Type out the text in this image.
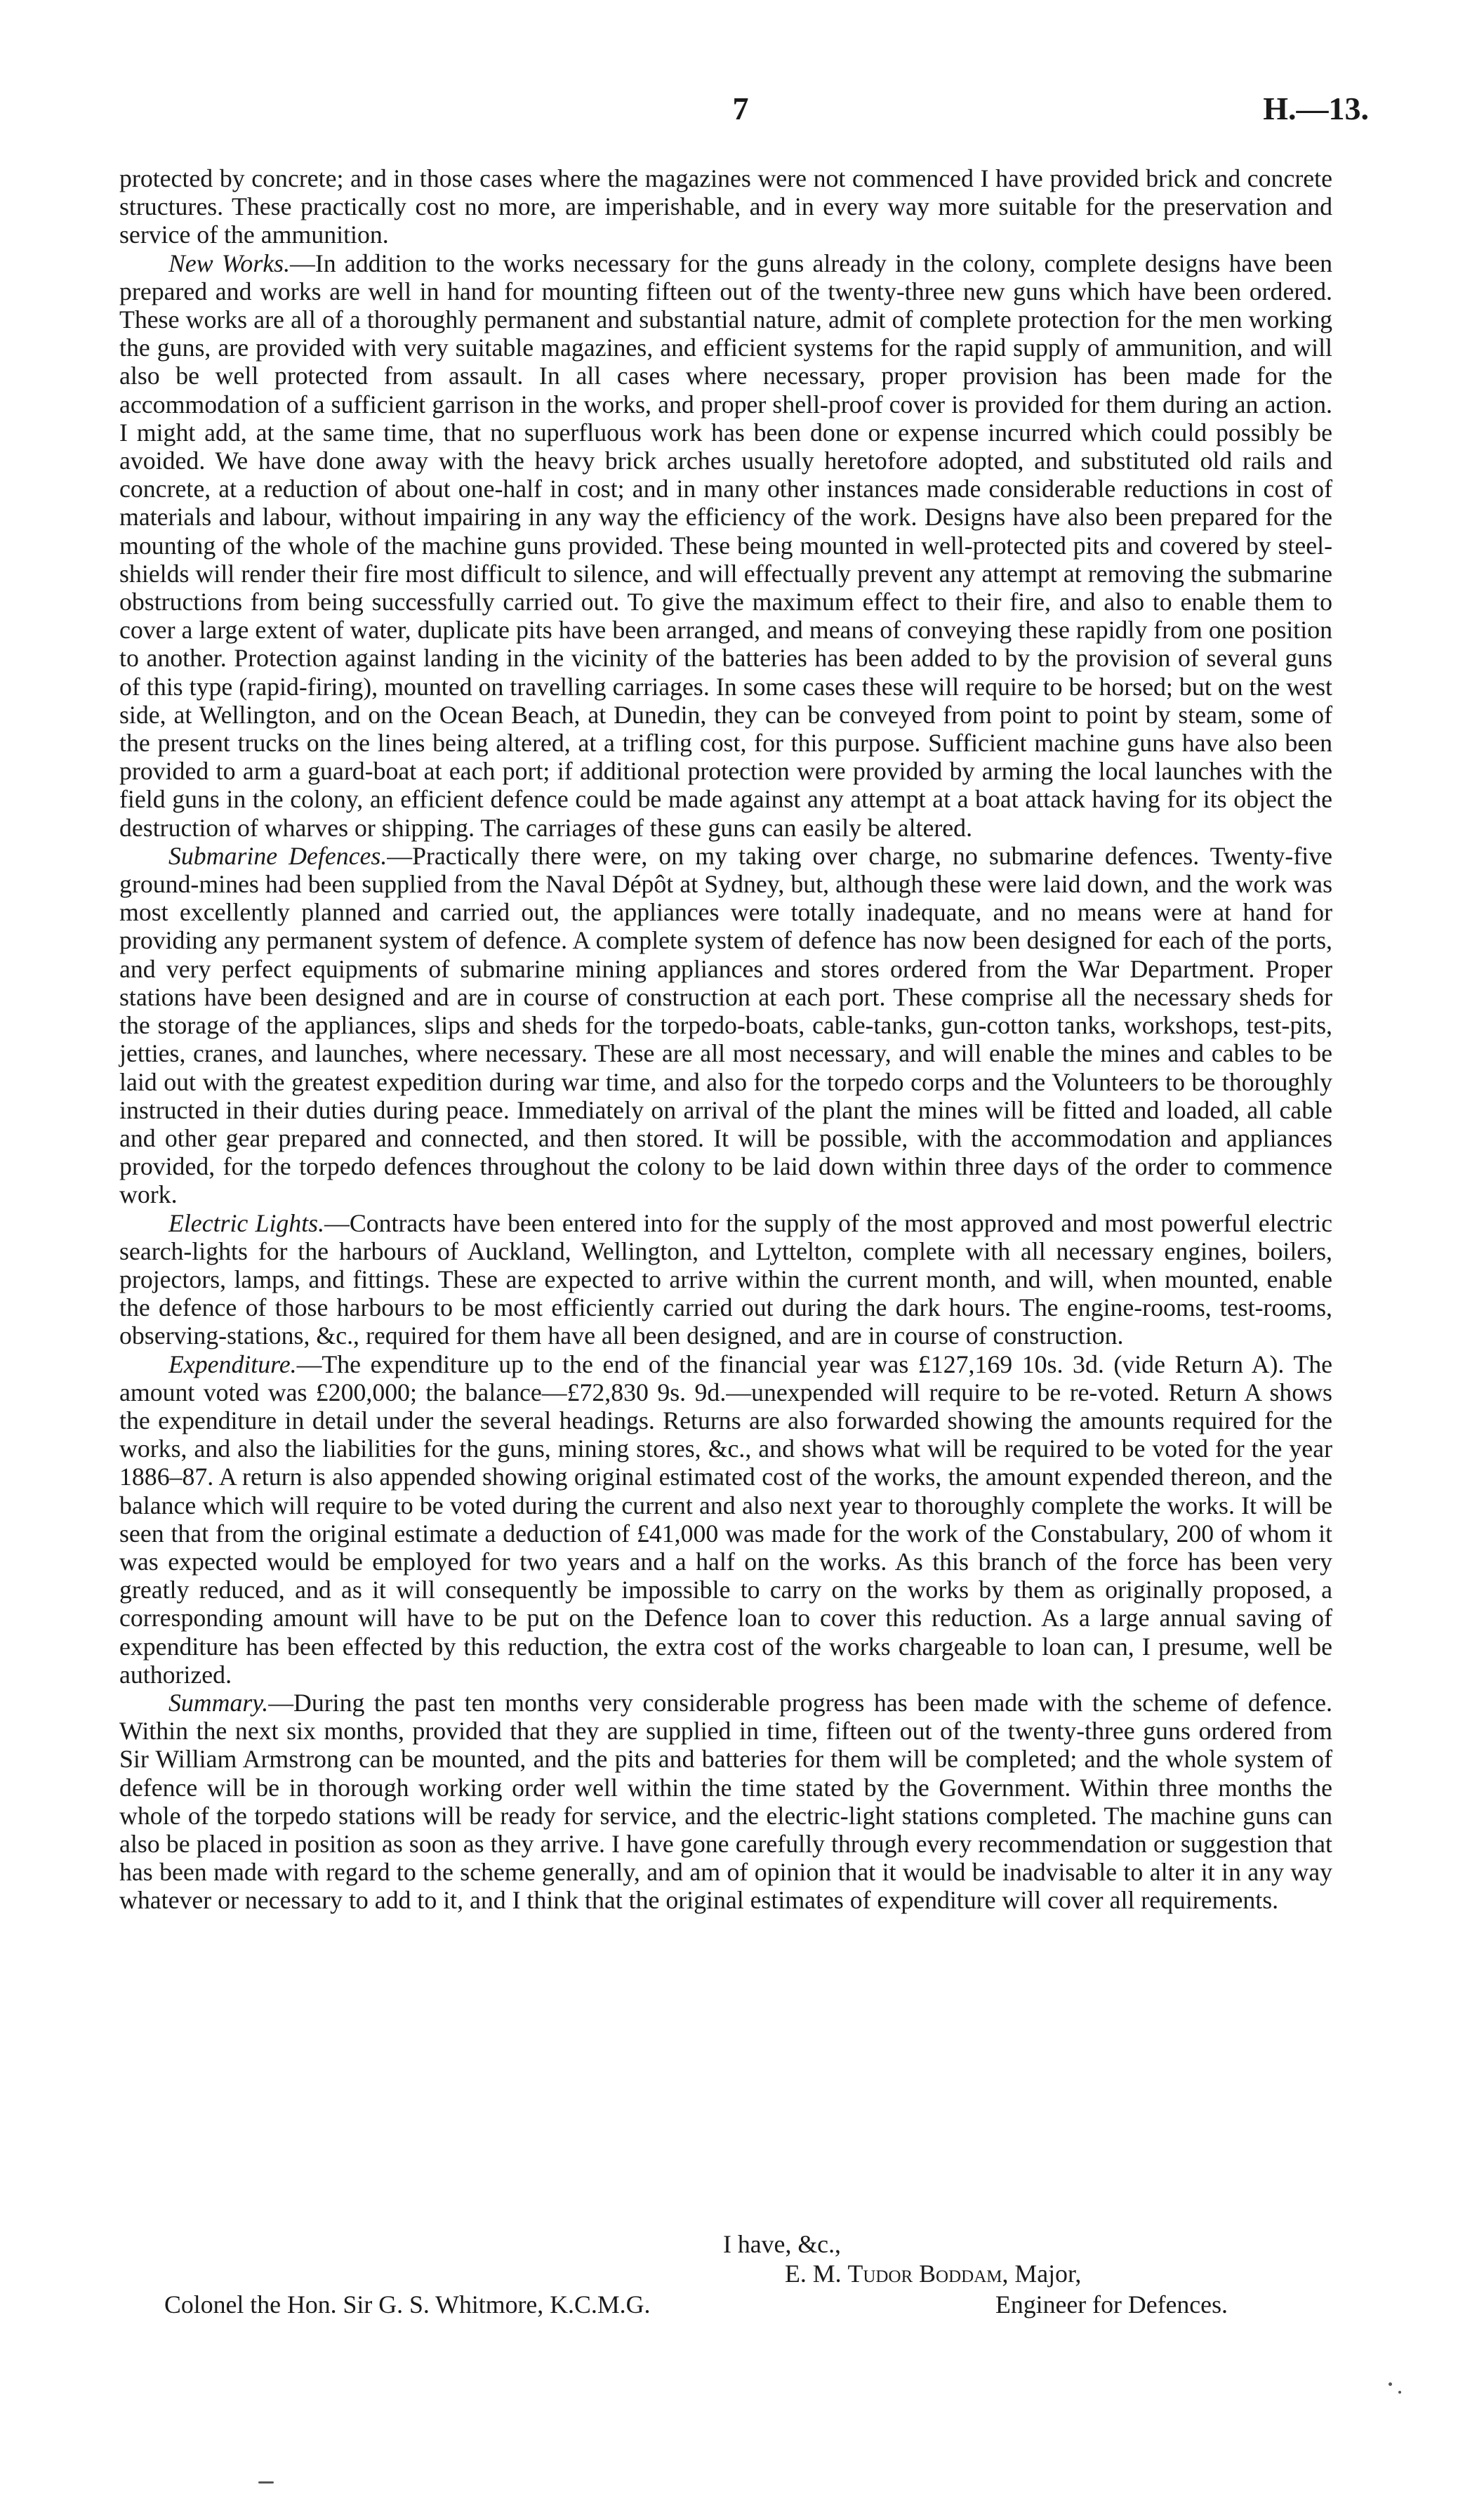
7	H.—13.

protected by concrete; and in those cases where the magazines were not commenced I have provided brick and concrete structures. These practically cost no more, are imperishable, and in every way more suitable for the preservation and service of the ammunition.

New Works.—In addition to the works necessary for the guns already in the colony, complete designs have been prepared and works are well in hand for mounting fifteen out of the twenty-three new guns which have been ordered. These works are all of a thoroughly permanent and substantial nature, admit of complete protection for the men working the guns, are provided with very suitable magazines, and efficient systems for the rapid supply of ammunition, and will also be well protected from assault. In all cases where necessary, proper provision has been made for the accommodation of a sufficient garrison in the works, and proper shell-proof cover is provided for them during an action. I might add, at the same time, that no superfluous work has been done or expense incurred which could possibly be avoided. We have done away with the heavy brick arches usually heretofore adopted, and substituted old rails and concrete, at a reduction of about one-half in cost; and in many other instances made considerable reductions in cost of materials and labour, without impairing in any way the efficiency of the work. Designs have also been prepared for the mounting of the whole of the machine guns provided. These being mounted in well-protected pits and covered by steel-shields will render their fire most difficult to silence, and will effectually prevent any attempt at removing the submarine obstructions from being successfully carried out. To give the maximum effect to their fire, and also to enable them to cover a large extent of water, duplicate pits have been arranged, and means of conveying these rapidly from one position to another. Protection against landing in the vicinity of the batteries has been added to by the provision of several guns of this type (rapid-firing), mounted on travelling carriages. In some cases these will require to be horsed; but on the west side, at Wellington, and on the Ocean Beach, at Dunedin, they can be conveyed from point to point by steam, some of the present trucks on the lines being altered, at a trifling cost, for this purpose. Sufficient machine guns have also been provided to arm a guard-boat at each port; if additional protection were provided by arming the local launches with the field guns in the colony, an efficient defence could be made against any attempt at a boat attack having for its object the destruction of wharves or shipping. The carriages of these guns can easily be altered.

Submarine Defences.—Practically there were, on my taking over charge, no submarine defences. Twenty-five ground-mines had been supplied from the Naval Dépôt at Sydney, but, although these were laid down, and the work was most excellently planned and carried out, the appliances were totally inadequate, and no means were at hand for providing any permanent system of defence. A complete system of defence has now been designed for each of the ports, and very perfect equipments of submarine mining appliances and stores ordered from the War Department. Proper stations have been designed and are in course of construction at each port. These comprise all the necessary sheds for the storage of the appliances, slips and sheds for the torpedo-boats, cable-tanks, gun-cotton tanks, workshops, test-pits, jetties, cranes, and launches, where necessary. These are all most necessary, and will enable the mines and cables to be laid out with the greatest expedition during war time, and also for the torpedo corps and the Volunteers to be thoroughly instructed in their duties during peace. Immediately on arrival of the plant the mines will be fitted and loaded, all cable and other gear prepared and connected, and then stored. It will be possible, with the accommodation and appliances provided, for the torpedo defences throughout the colony to be laid down within three days of the order to commence work.

Electric Lights.—Contracts have been entered into for the supply of the most approved and most powerful electric search-lights for the harbours of Auckland, Wellington, and Lyttelton, complete with all necessary engines, boilers, projectors, lamps, and fittings. These are expected to arrive within the current month, and will, when mounted, enable the defence of those harbours to be most efficiently carried out during the dark hours. The engine-rooms, test-rooms, observing-stations, &c., required for them have all been designed, and are in course of construction.

Expenditure.—The expenditure up to the end of the financial year was £127,169 10s. 3d. (vide Return A). The amount voted was £200,000; the balance—£72,830 9s. 9d.—unexpended will require to be re-voted. Return A shows the expenditure in detail under the several headings. Returns are also forwarded showing the amounts required for the works, and also the liabilities for the guns, mining stores, &c., and shows what will be required to be voted for the year 1886–87. A return is also appended showing original estimated cost of the works, the amount expended thereon, and the balance which will require to be voted during the current and also next year to thoroughly complete the works. It will be seen that from the original estimate a deduction of £41,000 was made for the work of the Constabulary, 200 of whom it was expected would be employed for two years and a half on the works. As this branch of the force has been very greatly reduced, and as it will consequently be impossible to carry on the works by them as originally proposed, a corresponding amount will have to be put on the Defence loan to cover this reduction. As a large annual saving of expenditure has been effected by this reduction, the extra cost of the works chargeable to loan can, I presume, well be authorized.

Summary.—During the past ten months very considerable progress has been made with the scheme of defence. Within the next six months, provided that they are supplied in time, fifteen out of the twenty-three guns ordered from Sir William Armstrong can be mounted, and the pits and batteries for them will be completed; and the whole system of defence will be in thorough working order well within the time stated by the Government. Within three months the whole of the torpedo stations will be ready for service, and the electric-light stations completed. The machine guns can also be placed in position as soon as they arrive. I have gone carefully through every recommendation or suggestion that has been made with regard to the scheme generally, and am of opinion that it would be inadvisable to alter it in any way whatever or necessary to add to it, and I think that the original estimates of expenditure will cover all requirements.

I have, &c.,
E. M. Tudor Boddam, Major,
Colonel the Hon. Sir G. S. Whitmore, K.C.M.G.	Engineer for Defences.
